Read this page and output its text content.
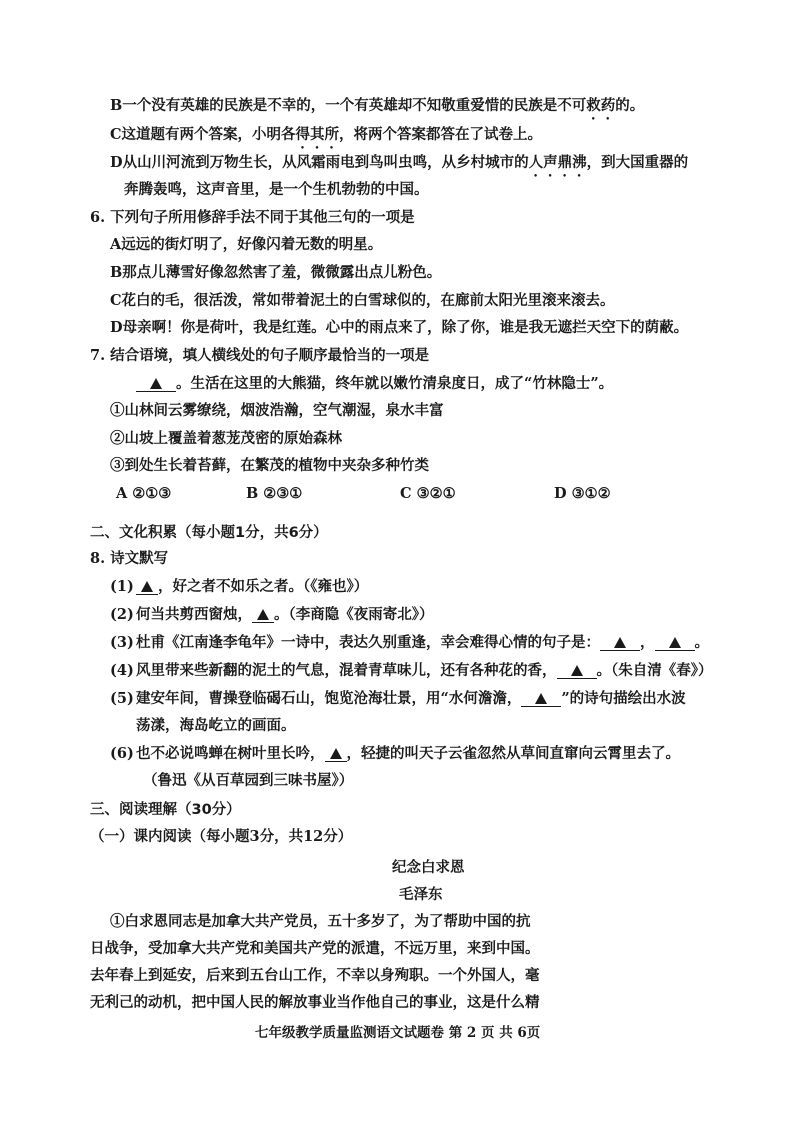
B一个没有英雄的民族是不幸的，一个有英雄却不知敬重爱惜的民族是不可救药的。
C这道题有两个答案，小明各得其所，将两个答案都答在了试卷上。
D从山川河流到万物生长，从风霜雨电到鸟叫虫鸣，从乡村城市的人声鼎沸，到大国重器的
奔腾轰鸣，这声音里，是一个生机勃勃的中国。
6. 下列句子所用修辞手法不同于其他三句的一项是
A远远的街灯明了，好像闪着无数的明星。
B那点儿薄雪好像忽然害了羞，微微露出点儿粉色。
C花白的毛，很活泼，常如带着泥土的白雪球似的，在廊前太阳光里滚来滚去。
D母亲啊！你是荷叶，我是红莲。心中的雨点来了，除了你，谁是我无遮拦天空下的荫蔽。
7. 结合语境，填人横线处的句子顺序最恰当的一项是
。生活在这里的大熊猫，终年就以嫩竹清泉度日，成了“竹林隐士”。
①山林间云雾缭绕，烟波浩瀚，空气潮湿，泉水丰富
②山坡上覆盖着葱茏茂密的原始森林
③到处生长着苔藓，在繁茂的植物中夹杂多种竹类
A ②①③	B ②③①	C ③②①	D ③①②
二、文化积累（每小题1分，共6分）
8. 诗文默写
(1)	，好之者不如乐之者。（《雍也》）
(2) 何当共剪西窗烛， 。（李商隐《夜雨寄北》）
(3) 杜甫《江南逢李龟年》一诗中，表达久别重逢，幸会难得心情的句子是：	，	。
(4) 风里带来些新翻的泥土的气息，混着青草味儿，还有各种花的香，	。（朱自清《春》）
(5) 建安年间，曹操登临碣石山，饱览沧海壮景，用“水何澹澹，	”的诗句描绘出水波
荡漾，海岛屹立的画面。
(6) 也不必说鸣蝉在树叶里长吟， ，轻捷的叫天子云雀忽然从草间直窜向云霄里去了。
（鲁迅《从百草园到三味书屋》）
三、阅读理解（30分）
（一）课内阅读（每小题3分，共12分）
纪念白求恩
毛泽东
①白求恩同志是加拿大共产党员，五十多岁了，为了帮助中国的抗
日战争，受加拿大共产党和美国共产党的派遣，不远万里，来到中国。
去年春上到延安，后来到五台山工作，不幸以身殉职。一个外国人，毫
无利己的动机，把中国人民的解放事业当作他自己的事业，这是什么精
七年级教学质量监测语文试题卷 第 2 页 共 6页
